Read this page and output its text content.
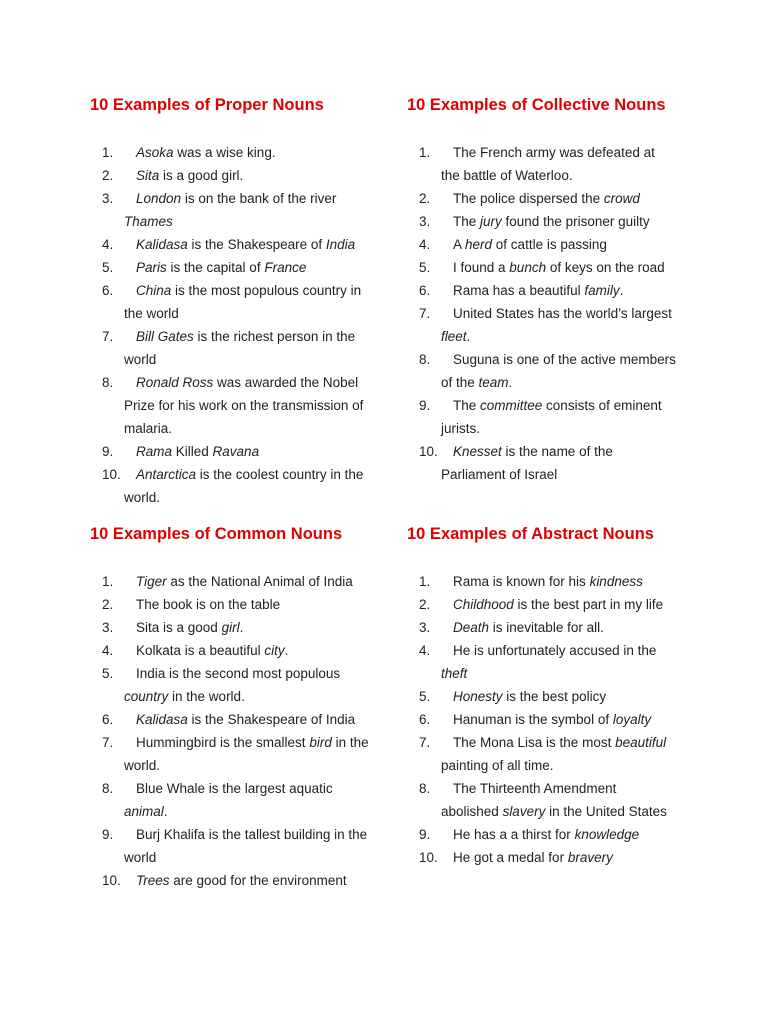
10 Examples of Proper Nouns
1.	Asoka was a wise king.
2.	Sita is a good girl.
3.	London is on the bank of the river Thames
4.	Kalidasa is the Shakespeare of India
5.	Paris is the capital of France
6.	China is the most populous country in the world
7.	Bill Gates is the richest person in the world
8.	Ronald Ross was awarded the Nobel Prize for his work on the transmission of malaria.
9.	Rama Killed Ravana
10.	Antarctica is the coolest country in the world.
10 Examples of Collective Nouns
1.	The French army was defeated at the battle of Waterloo.
2.	The police dispersed the crowd
3.	The jury found the prisoner guilty
4.	A herd of cattle is passing
5.	I found a bunch of keys on the road
6.	Rama has a beautiful family.
7.	United States has the world’s largest fleet.
8.	Suguna is one of the active members of the team.
9.	The committee consists of eminent jurists.
10.	Knesset is the name of the Parliament of Israel
10 Examples of Common Nouns
1.	Tiger as the National Animal of India
2.	The book is on the table
3.	Sita is a good girl.
4.	Kolkata is a beautiful city.
5.	India is the second most populous country in the world.
6.	Kalidasa is the Shakespeare of India
7.	Hummingbird is the smallest bird in the world.
8.	Blue Whale is the largest aquatic animal.
9.	Burj Khalifa is the tallest building in the world
10.	Trees are good for the environment
10 Examples of Abstract Nouns
1.	Rama is known for his kindness
2.	Childhood is the best part in my life
3.	Death is inevitable for all.
4.	He is unfortunately accused in the theft
5.	Honesty is the best policy
6.	Hanuman is the symbol of loyalty
7.	The Mona Lisa is the most beautiful painting of all time.
8.	The Thirteenth Amendment abolished slavery in the United States
9.	He has a a thirst for knowledge
10.	He got a medal for bravery
